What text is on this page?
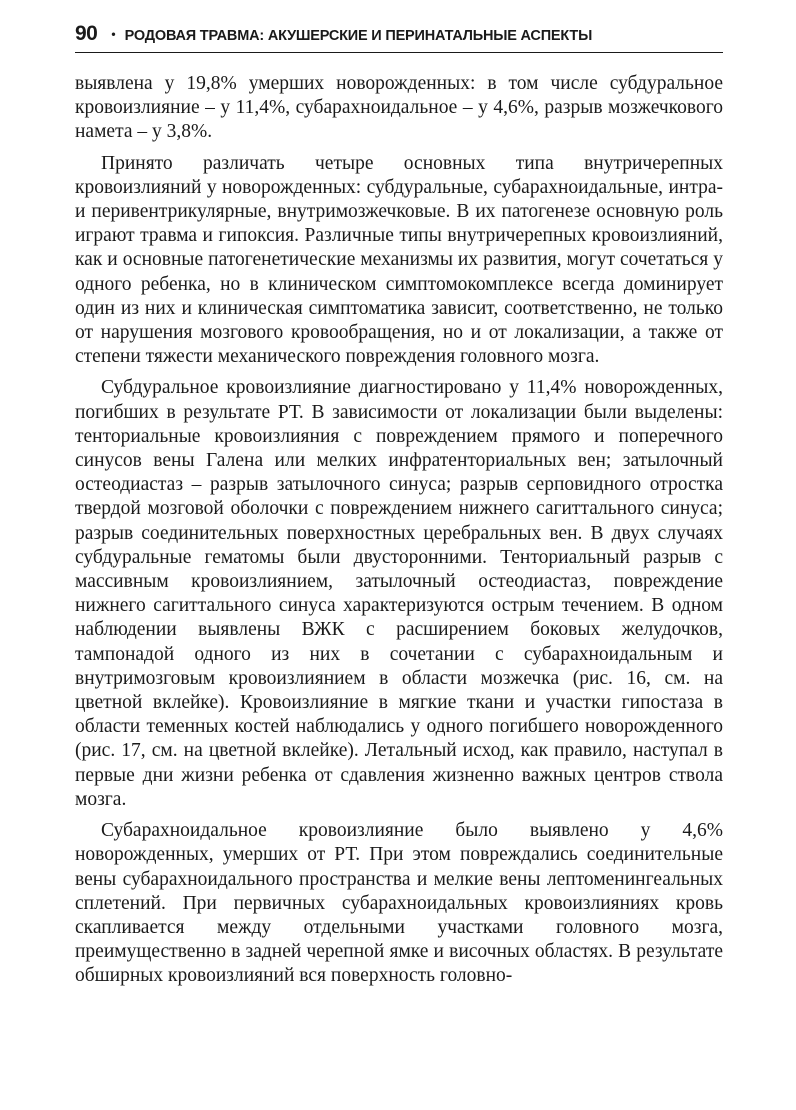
90 • РОДОВАЯ ТРАВМА: АКУШЕРСКИЕ И ПЕРИНАТАЛЬНЫЕ АСПЕКТЫ

выявлена у 19,8% умерших новорожденных: в том числе субдуральное кровоизлияние – у 11,4%, субарахноидальное – у 4,6%, разрыв мозжечкового намета – у 3,8%.

Принято различать четыре основных типа внутричерепных кровоизлияний у новорожденных: субдуральные, субарахноидальные, интра- и перивентрикулярные, внутримозжечковые. В их патогенезе основную роль играют травма и гипоксия. Различные типы внутричерепных кровоизлияний, как и основные патогенетические механизмы их развития, могут сочетаться у одного ребенка, но в клиническом симптомокомплексе всегда доминирует один из них и клиническая симптоматика зависит, соответственно, не только от нарушения мозгового кровообращения, но и от локализации, а также от степени тяжести механического повреждения головного мозга.

Субдуральное кровоизлияние диагностировано у 11,4% новорожденных, погибших в результате РТ. В зависимости от локализации были выделены: тенториальные кровоизлияния с повреждением прямого и поперечного синусов вены Галена или мелких инфратенториальных вен; затылочный остеодиастаз – разрыв затылочного синуса; разрыв серповидного отростка твердой мозговой оболочки с повреждением нижнего сагиттального синуса; разрыв соединительных поверхностных церебральных вен. В двух случаях субдуральные гематомы были двусторонними. Тенториальный разрыв с массивным кровоизлиянием, затылочный остеодиастаз, повреждение нижнего сагиттального синуса характеризуются острым течением. В одном наблюдении выявлены ВЖК с расширением боковых желудочков, тампонадой одного из них в сочетании с субарахноидальным и внутримозговым кровоизлиянием в области мозжечка (рис. 16, см. на цветной вклейке). Кровоизлияние в мягкие ткани и участки гипостаза в области теменных костей наблюдались у одного погибшего новорожденного (рис. 17, см. на цветной вклейке). Летальный исход, как правило, наступал в первые дни жизни ребенка от сдавления жизненно важных центров ствола мозга.

Субарахноидальное кровоизлияние было выявлено у 4,6% новорожденных, умерших от РТ. При этом повреждались соединительные вены субарахноидального пространства и мелкие вены лептоменингеальных сплетений. При первичных субарахноидальных кровоизлияниях кровь скапливается между отдельными участками головного мозга, преимущественно в задней черепной ямке и височных областях. В результате обширных кровоизлияний вся поверхность головно-
